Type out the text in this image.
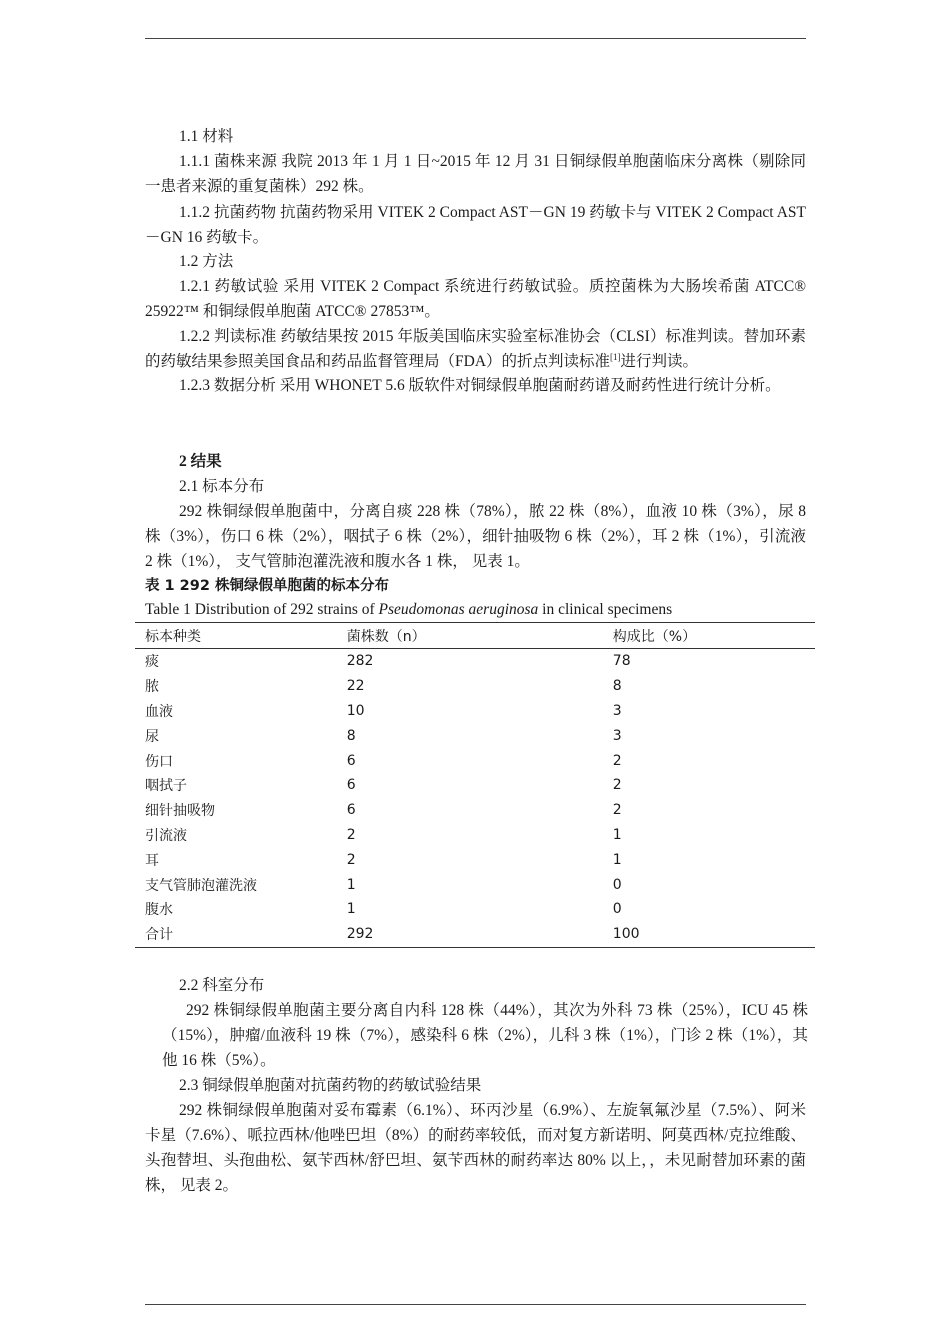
1.1 材料

1.1.1 菌株来源 我院 2013 年 1 月 1 日~2015 年 12 月 31 日铜绿假单胞菌临床分离株（剔除同一患者来源的重复菌株）292 株。

1.1.2 抗菌药物 抗菌药物采用 VITEK 2 Compact AST－GN 19 药敏卡与 VITEK 2 Compact AST－GN 16 药敏卡。

1.2 方法

1.2.1 药敏试验 采用 VITEK 2 Compact 系统进行药敏试验。质控菌株为大肠埃希菌 ATCC® 25922™ 和铜绿假单胞菌 ATCC® 27853™。

1.2.2 判读标准 药敏结果按 2015 年版美国临床实验室标准协会（CLSI）标准判读。替加环素的药敏结果参照美国食品和药品监督管理局（FDA）的折点判读标准[1]进行判读。

1.2.3 数据分析 采用 WHONET 5.6 版软件对铜绿假单胞菌耐药谱及耐药性进行统计分析。

2 结果

2.1 标本分布

292 株铜绿假单胞菌中，分离自痰 228 株（78%），脓 22 株（8%），血液 10 株（3%），尿 8 株（3%），伤口 6 株（2%），咽拭子 6 株（2%），细针抽吸物 6 株（2%），耳 2 株（1%），引流液 2 株（1%）， 支气管肺泡灌洗液和腹水各 1 株， 见表 1。

表 1 292 株铜绿假单胞菌的标本分布
Table 1 Distribution of 292 strains of Pseudomonas aeruginosa in clinical specimens
标本种类	菌株数（n）	构成比（%）
痰	282	78
脓	22	8
血液	10	3
尿	8	3
伤口	6	2
咽拭子	6	2
细针抽吸物	6	2
引流液	2	1
耳	2	1
支气管肺泡灌洗液	1	0
腹水	1	0
合计	292	100

2.2 科室分布

292 株铜绿假单胞菌主要分离自内科 128 株（44%），其次为外科 73 株（25%），ICU 45 株（15%），肿瘤/血液科 19 株（7%），感染科 6 株（2%），儿科 3 株（1%），门诊 2 株（1%），其他 16 株（5%）。

2.3 铜绿假单胞菌对抗菌药物的药敏试验结果

292 株铜绿假单胞菌对妥布霉素（6.1%）、环丙沙星（6.9%）、左旋氧氟沙星（7.5%）、阿米卡星（7.6%）、哌拉西林/他唑巴坦（8%）的耐药率较低，而对复方新诺明、阿莫西林/克拉维酸、头孢替坦、头孢曲松、氨苄西林/舒巴坦、氨苄西林的耐药率达 80% 以上，，未见耐替加环素的菌株， 见表 2。
